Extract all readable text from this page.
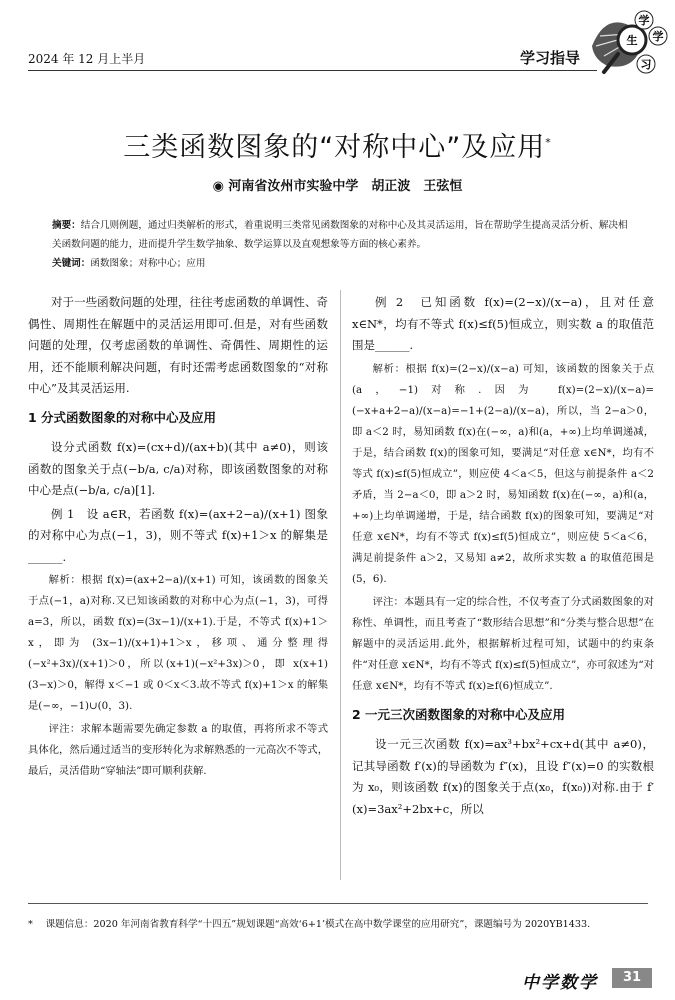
2024 年 12 月上半月	学习指导
学
生 学
习
三类函数图象的“对称中心”及应用*
◉ 河南省汝州市实验中学　胡正波　王弦恒

摘要：结合几则例题，通过归类解析的形式，着重说明三类常见函数图象的对称中心及其灵活运用，旨在帮助学生提高灵活分析、解决相关函数问题的能力，进而提升学生数学抽象、数学运算以及直观想象等方面的核心素养。

关键词：函数图象；对称中心；应用

对于一些函数问题的处理，往往考虑函数的单调性、奇偶性、周期性在解题中的灵活运用即可.但是，对有些函数问题的处理，仅考虑函数的单调性、奇偶性、周期性的运用，还不能顺利解决问题，有时还需考虑函数图象的“对称中心”及其灵活运用.

1 分式函数图象的对称中心及应用

设分式函数 f(x)=(cx+d)/(ax+b)(其中 a≠0)，则该函数的图象关于点(−b/a, c/a)对称，即该函数图象的对称中心是点(−b/a, c/a)[1].

例 1　设 a∈R，若函数 f(x)=(ax+2−a)/(x+1) 图象的对称中心为点(−1，3)，则不等式 f(x)+1＞x 的解集是______.

解析：根据 f(x)=(ax+2−a)/(x+1) 可知，该函数的图象关于点(−1，a)对称.又已知该函数的对称中心为点(−1，3)，可得 a=3，所以，函数 f(x)=(3x−1)/(x+1).于是，不等式 f(x)+1＞x，即为 (3x−1)/(x+1)+1＞x，移项、通分整理得 (−x²+3x)/(x+1)＞0，所以(x+1)(−x²+3x)＞0，即 x(x+1)(3−x)＞0，解得 x＜−1 或 0＜x＜3.故不等式 f(x)+1＞x 的解集是(−∞，−1)∪(0，3).

评注：求解本题需要先确定参数 a 的取值，再将所求不等式具体化，然后通过适当的变形转化为求解熟悉的一元高次不等式，最后，灵活借助“穿轴法”即可顺利获解.

例 2　已知函数 f(x)=(2−x)/(x−a)，且对任意 x∈N*，均有不等式 f(x)≤f(5)恒成立，则实数 a 的取值范围是______.

解析：根据 f(x)=(2−x)/(x−a) 可知，该函数的图象关于点(a，−1)对称.因为 f(x)=(2−x)/(x−a)=(−x+a+2−a)/(x−a)=−1+(2−a)/(x−a)，所以，当 2−a＞0，即 a＜2 时，易知函数 f(x)在(−∞，a)和(a，+∞)上均单调递减，于是，结合函数 f(x)的图象可知，要满足“对任意 x∈N*，均有不等式 f(x)≤f(5)恒成立”，则应使 4＜a＜5，但这与前提条件 a＜2 矛盾，当 2−a＜0，即 a＞2 时，易知函数 f(x)在(−∞，a)和(a，+∞)上均单调递增，于是，结合函数 f(x)的图象可知，要满足“对任意 x∈N*，均有不等式 f(x)≤f(5)恒成立”，则应使 5＜a＜6，满足前提条件 a＞2，又易知 a≠2，故所求实数 a 的取值范围是(5，6).

评注：本题具有一定的综合性，不仅考查了分式函数图象的对称性、单调性，而且考查了“数形结合思想”和“分类与整合思想”在解题中的灵活运用.此外，根据解析过程可知，试题中的约束条件“对任意 x∈N*，均有不等式 f(x)≤f(5)恒成立”，亦可叙述为“对任意 x∈N*，均有不等式 f(x)≥f(6)恒成立”.

2 一元三次函数图象的对称中心及应用

设一元三次函数 f(x)=ax³+bx²+cx+d(其中 a≠0)，记其导函数 f′(x)的导函数为 f″(x)，且设 f″(x)=0 的实数根为 x₀，则该函数 f(x)的图象关于点(x₀，f(x₀))对称.由于 f′(x)=3ax²+2bx+c，所以

* 　课题信息：2020 年河南省教育科学“十四五”规划课题“高效‘6+1’模式在高中数学课堂的应用研究”，课题编号为 2020YB1433.

中学数学	31
